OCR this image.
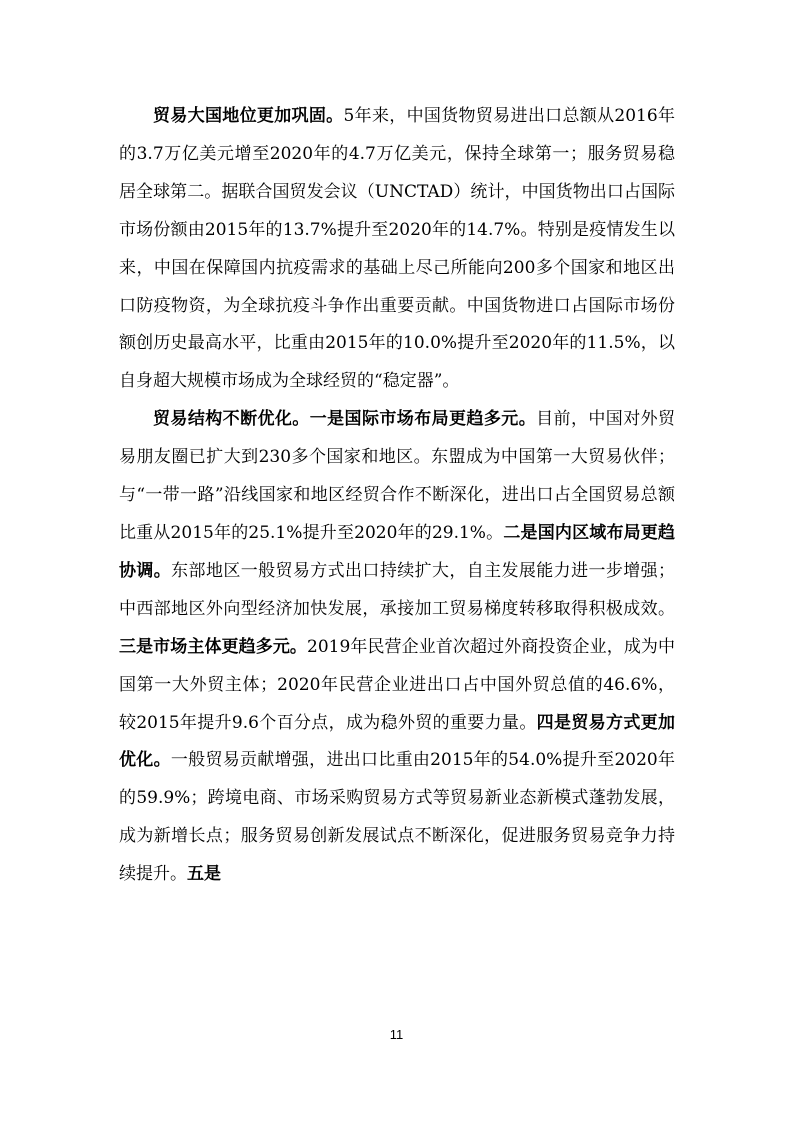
贸易大国地位更加巩固。5年来，中国货物贸易进出口总额从2016年的3.7万亿美元增至2020年的4.7万亿美元，保持全球第一；服务贸易稳居全球第二。据联合国贸发会议（UNCTAD）统计，中国货物出口占国际市场份额由2015年的13.7%提升至2020年的14.7%。特别是疫情发生以来，中国在保障国内抗疫需求的基础上尽己所能向200多个国家和地区出口防疫物资，为全球抗疫斗争作出重要贡献。中国货物进口占国际市场份额创历史最高水平，比重由2015年的10.0%提升至2020年的11.5%，以自身超大规模市场成为全球经贸的“稳定器”。

贸易结构不断优化。一是国际市场布局更趋多元。目前，中国对外贸易朋友圈已扩大到230多个国家和地区。东盟成为中国第一大贸易伙伴；与“一带一路”沿线国家和地区经贸合作不断深化，进出口占全国贸易总额比重从2015年的25.1%提升至2020年的29.1%。二是国内区域布局更趋协调。东部地区一般贸易方式出口持续扩大，自主发展能力进一步增强；中西部地区外向型经济加快发展，承接加工贸易梯度转移取得积极成效。三是市场主体更趋多元。2019年民营企业首次超过外商投资企业，成为中国第一大外贸主体；2020年民营企业进出口占中国外贸总值的46.6%，较2015年提升9.6个百分点，成为稳外贸的重要力量。四是贸易方式更加优化。一般贸易贡献增强，进出口比重由2015年的54.0%提升至2020年的59.9%；跨境电商、市场采购贸易方式等贸易新业态新模式蓬勃发展，成为新增长点；服务贸易创新发展试点不断深化，促进服务贸易竞争力持续提升。五是

11
